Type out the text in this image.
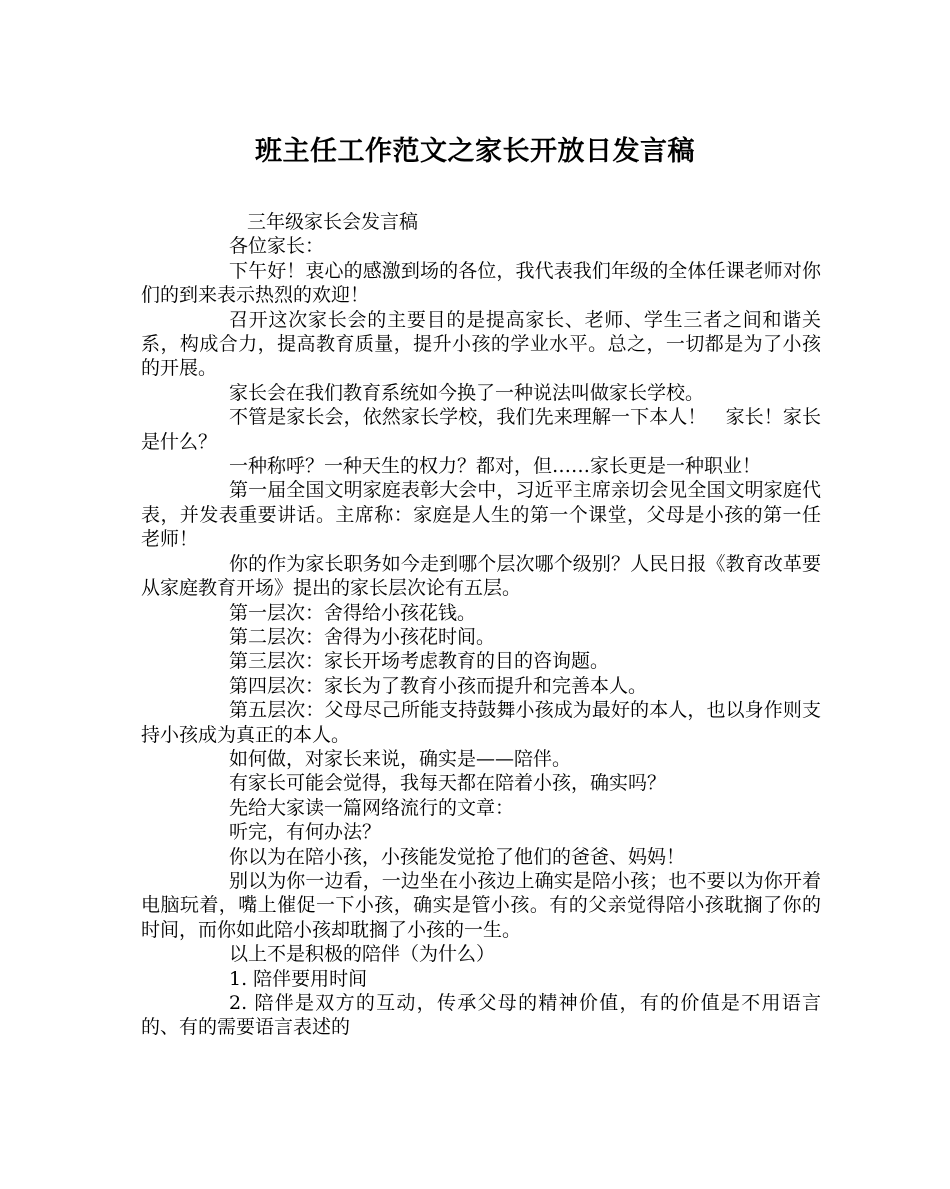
班主任工作范文之家长开放日发言稿

三年级家长会发言稿

各位家长：

下午好！衷心的感激到场的各位，我代表我们年级的全体任课老师对你们的到来表示热烈的欢迎！

召开这次家长会的主要目的是提高家长、老师、学生三者之间和谐关系，构成合力，提高教育质量，提升小孩的学业水平。总之，一切都是为了小孩的开展。

家长会在我们教育系统如今换了一种说法叫做家长学校。

不管是家长会，依然家长学校，我们先来理解一下本人！　家长！家长是什么？

一种称呼？一种天生的权力？都对，但……家长更是一种职业！

第一届全国文明家庭表彰大会中，习近平主席亲切会见全国文明家庭代表，并发表重要讲话。主席称：家庭是人生的第一个课堂，父母是小孩的第一任老师！

你的作为家长职务如今走到哪个层次哪个级别？人民日报《教育改革要从家庭教育开场》提出的家长层次论有五层。

第一层次：舍得给小孩花钱。

第二层次：舍得为小孩花时间。

第三层次：家长开场考虑教育的目的咨询题。

第四层次：家长为了教育小孩而提升和完善本人。

第五层次：父母尽己所能支持鼓舞小孩成为最好的本人，也以身作则支持小孩成为真正的本人。

如何做，对家长来说，确实是——陪伴。

有家长可能会觉得，我每天都在陪着小孩，确实吗？

先给大家读一篇网络流行的文章：

听完，有何办法？

你以为在陪小孩，小孩能发觉抢了他们的爸爸、妈妈！

别以为你一边看，一边坐在小孩边上确实是陪小孩；也不要以为你开着电脑玩着，嘴上催促一下小孩，确实是管小孩。有的父亲觉得陪小孩耽搁了你的时间，而你如此陪小孩却耽搁了小孩的一生。

以上不是积极的陪伴（为什么）

1. 陪伴要用时间

2. 陪伴是双方的互动，传承父母的精神价值，有的价值是不用语言的、有的需要语言表述的
